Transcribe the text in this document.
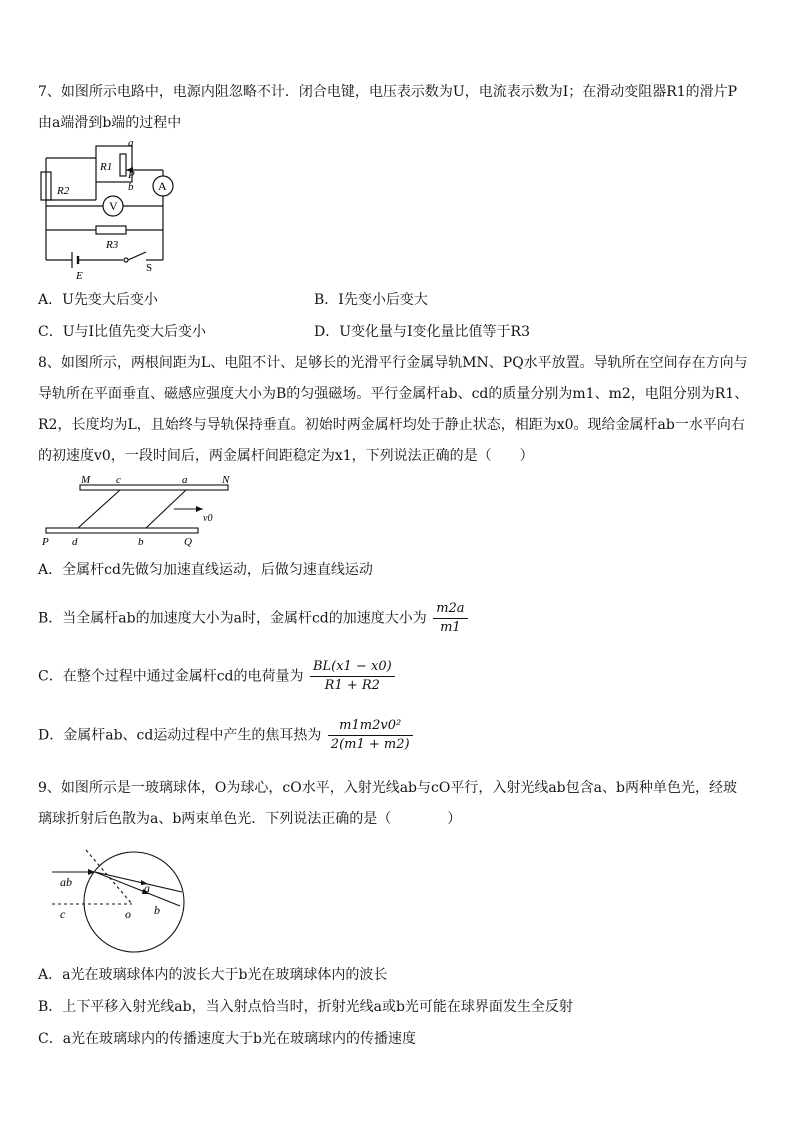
7、如图所示电路中，电源内阻忽略不计．闭合电键，电压表示数为U，电流表示数为I；在滑动变阻器R1的滑片P
由a端滑到b端的过程中
a
R1
P
b
R2	A
V
R3
E
S
A．U先变大后变小	B．I先变小后变大
C．U与I比值先变大后变小	D．U变化量与I变化量比值等于R3
8、如图所示，两根间距为L、电阻不计、足够长的光滑平行金属导轨MN、PQ水平放置。导轨所在空间存在方向与
导轨所在平面垂直、磁感应强度大小为B的匀强磁场。平行金属杆ab、cd的质量分别为m1、m2，电阻分别为R1、
R2，长度均为L，且始终与导轨保持垂直。初始时两金属杆均处于静止状态，相距为x0。现给金属杆ab一水平向右
的初速度v0，一段时间后，两金属杆间距稳定为x1，下列说法正确的是（　　）
M c	a	N
v0
P d	b	Q
A．全属杆cd先做匀加速直线运动，后做匀速直线运动
B．当全属杆ab的加速度大小为a时，金属杆cd的加速度大小为 $\frac{m2a}{m1}$
C．在整个过程中通过金属杆cd的电荷量为 $\frac{BL(x1 - x0)}{R1 + R2}$
D．金属杆ab、cd运动过程中产生的焦耳热为 $\frac{\text{m1m2v0²}}{2(m1 + m2)}$
9、如图所示是一玻璃球体，O为球心，cO水平，入射光线ab与cO平行，入射光线ab包含a、b两种单色光，经玻
璃球折射后色散为a、b两束单色光．下列说法正确的是（　　　　）
ab
c	o
a
b
A．a光在玻璃球体内的波长大于b光在玻璃球体内的波长
B．上下平移入射光线ab，当入射点恰当时，折射光线a或b光可能在球界面发生全反射
C．a光在玻璃球内的传播速度大于b光在玻璃球内的传播速度
